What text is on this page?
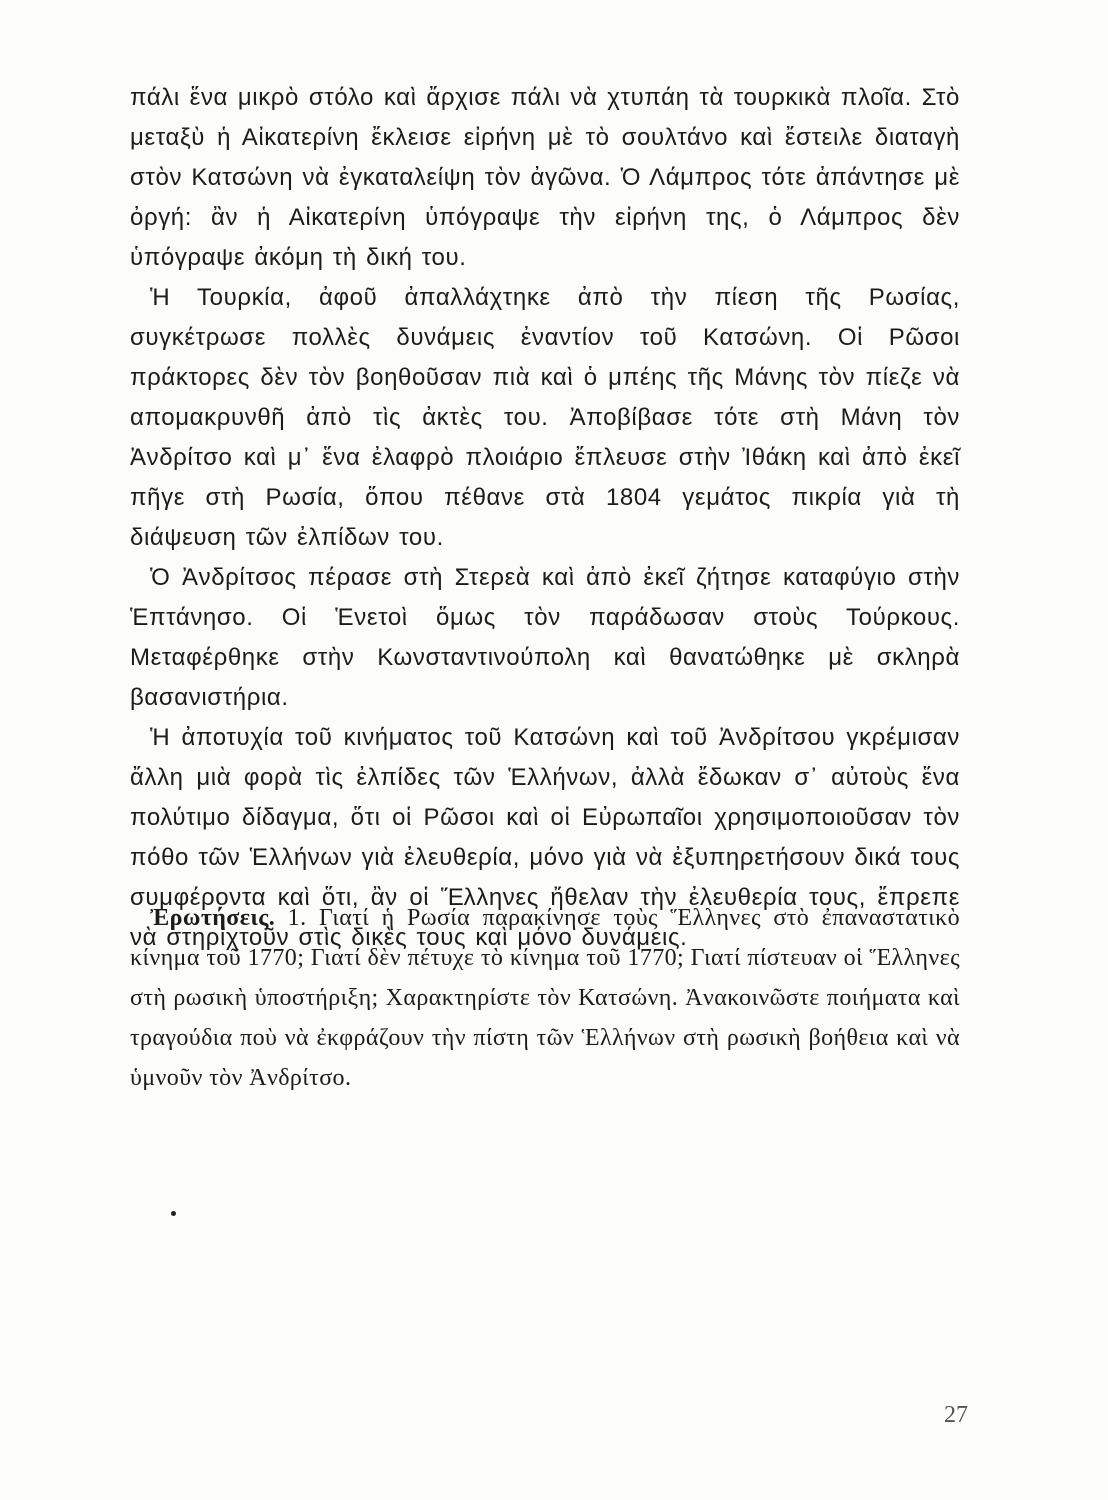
πάλι ἕνα μικρὸ στόλο καὶ ἄρχισε πάλι νὰ χτυπάη τὰ τουρκικὰ πλοῖα. Στὸ μεταξὺ ἡ Αἰκατερίνη ἔκλεισε εἰρήνη μὲ τὸ σουλτάνο καὶ ἔστειλε διαταγὴ στὸν Κατσώνη νὰ ἐγκαταλείψη τὸν ἀγῶνα. Ὁ Λάμπρος τότε ἀπάντησε μὲ ὀργή: ἂν ἡ Αἰκατερίνη ὑπόγραψε τὴν εἰρήνη της, ὁ Λάμπρος δὲν ὑπόγραψε ἀκόμη τὴ δική του.

Ἡ Τουρκία, ἀφοῦ ἀπαλλάχτηκε ἀπὸ τὴν πίεση τῆς Ρωσίας, συγκέτρωσε πολλὲς δυνάμεις ἐναντίον τοῦ Κατσώνη. Οἱ Ρῶσοι πράκτορες δὲν τὸν βοηθοῦσαν πιὰ καὶ ὁ μπέης τῆς Μάνης τὸν πίεζε νὰ απομακρυνθῆ ἀπὸ τὶς ἀκτὲς του. Ἀποβίβασε τότε στὴ Μάνη τὸν Ἀνδρίτσο καὶ μ᾽ ἕνα ἐλαφρὸ πλοιάριο ἔπλευσε στὴν Ἰθάκη καὶ ἀπὸ ἐκεῖ πῆγε στὴ Ρωσία, ὅπου πέθανε στὰ 1804 γεμάτος πικρία γιὰ τὴ διάψευση τῶν ἐλπίδων του.

Ὁ Ἀνδρίτσος πέρασε στὴ Στερεὰ καὶ ἀπὸ ἐκεῖ ζήτησε καταφύγιο στὴν Ἑπτάνησο. Οἱ Ἑνετοὶ ὅμως τὸν παράδωσαν στοὺς Τούρκους. Μεταφέρθηκε στὴν Κωνσταντινούπολη καὶ θανατώθηκε μὲ σκληρὰ βασανιστήρια.

Ἡ ἀποτυχία τοῦ κινήματος τοῦ Κατσώνη καὶ τοῦ Ἀνδρίτσου γκρέμισαν ἄλλη μιὰ φορὰ τὶς ἐλπίδες τῶν Ἑλλήνων, ἀλλὰ ἔδωκαν σ᾽ αὐτοὺς ἕνα πολύτιμο δίδαγμα, ὅτι οἱ Ρῶσοι καὶ οἱ Εὐρωπαῖοι χρησιμοποιοῦσαν τὸν πόθο τῶν Ἑλλήνων γιὰ ἐλευθερία, μόνο γιὰ νὰ ἐξυπηρετήσουν δικά τους συμφέροντα καὶ ὅτι, ἂν οἱ Ἕλληνες ἤθελαν τὴν ἐλευθερία τους, ἔπρεπε νὰ στηριχτοῦν στὶς δικὲς τους καὶ μόνο δυνάμεις.

Ἐρωτήσεις. 1. Γιατί ἡ Ρωσία παρακίνησε τοὺς Ἕλληνες στὸ ἐπαναστατικὸ κίνημα τοῦ 1770; Γιατί δὲν πέτυχε τὸ κίνημα τοῦ 1770; Γιατί πίστευαν οἱ Ἕλληνες στὴ ρωσικὴ ὑποστήριξη; Χαρακτηρίστε τὸν Κατσώνη. Ἀνακοινῶστε ποιήματα καὶ τραγούδια ποὺ νὰ ἐκφράζουν τὴν πίστη τῶν Ἑλλήνων στὴ ρωσικὴ βοήθεια καὶ νὰ ὑμνοῦν τὸν Ἀνδρίτσο.
27
